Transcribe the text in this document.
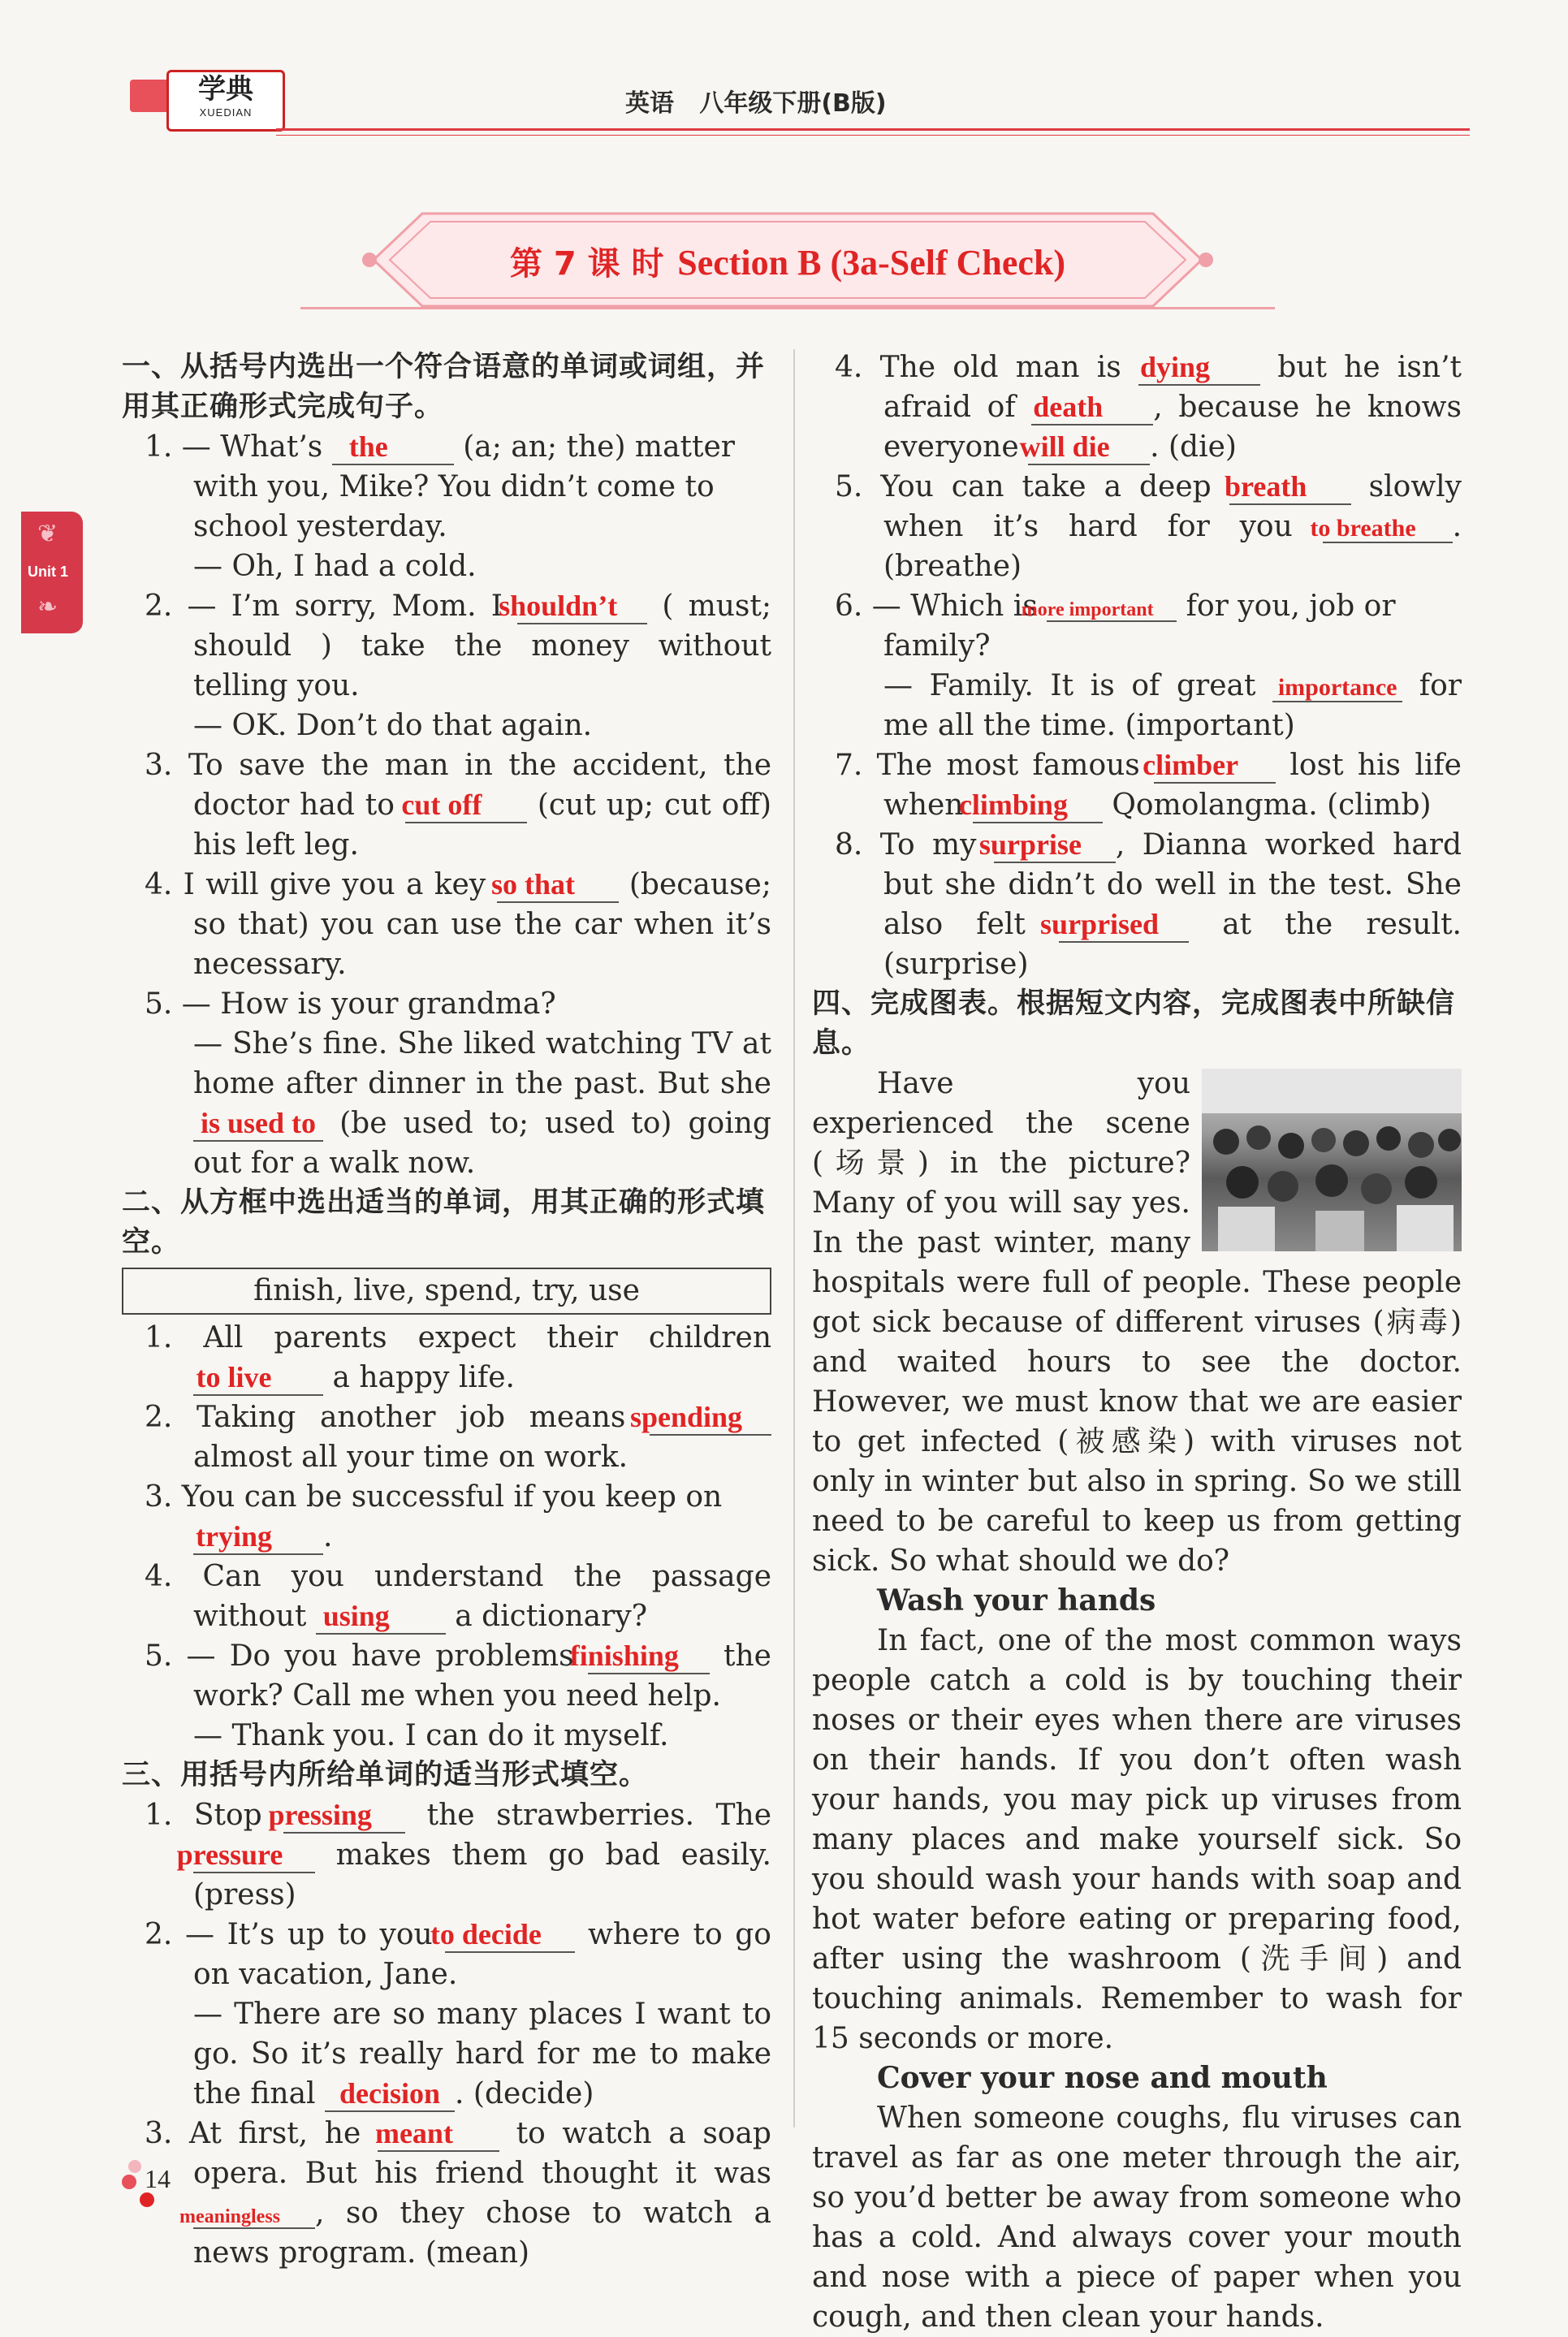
学典
XUEDIAN	英语 八年级下册(B版)
第 7 课 时 Section B (3a-Self Check)
❦
Unit 1
❧

一、从括号内选出一个符合语意的单词或词组，并用其正确形式完成句子。

1. — What’s the	(a; an; the) matter with you, Mike? You didn’t come to school yesterday.

— Oh, I had a cold.

2. — I’m sorry, Mom. I shouldn’t ( must; should ) take the money without telling you.

— OK. Don’t do that again.

3. To save the man in the accident, the doctor had to cut off (cut up; cut off) his left leg.

4. I will give you a key so that (because; so that) you can use the car when it’s necessary.

5. — How is your grandma?

— She’s fine. She liked watching TV at home after dinner in the past. But she is used to (be used to; used to) going out for a walk now.

二、从方框中选出适当的单词，用其正确的形式填空。

finish, live, spend, try, use

1. All parents expect their children to live a happy life.

2. Taking another job means spending almost all your time on work.

3. You can be successful if you keep on trying .

4. Can you understand the passage without using a dictionary?

5. — Do you have problems finishing the work? Call me when you need help.

— Thank you. I can do it myself.

三、用括号内所给单词的适当形式填空。

1. Stop pressing the strawberries. The pressure makes them go bad easily. (press)

2. — It’s up to you to decide where to go on vacation, Jane.

— There are so many places I want to go. So it’s really hard for me to make the final decision . (decide)

3. At first, he meant to watch a soap opera. But his friend thought it was meaningless , so they chose to watch a news program. (mean)

4. The old man is dying but he isn’t afraid of death , because he knows everyone will die . (die)

5. You can take a deep breath slowly when it’s hard for you to breathe . (breathe)

6. — Which is more important for you, job or family?

— Family. It is of great importance for me all the time. (important)

7. The most famous climber lost his life when climbing Qomolangma. (climb)

8. To my surprise , Dianna worked hard but she didn’t do well in the test. She also felt surprised at the result. (surprise)

四、完成图表。根据短文内容，完成图表中所缺信息。

Have you experienced the scene (场景) in the picture? Many of you will say yes. In the past winter, many hospitals were full of people. These people got sick because of different viruses (病毒) and waited hours to see the doctor. However, we must know that we are easier to get infected (被感染) with viruses not only in winter but also in spring. So we still need to be careful to keep us from getting sick. So what should we do?

Wash your hands

In fact, one of the most common ways people catch a cold is by touching their noses or their eyes when there are viruses on their hands. If you don’t often wash your hands, you may pick up viruses from many places and make yourself sick. So you should wash your hands with soap and hot water before eating or preparing food, after using the washroom (洗手间) and touching animals. Remember to wash for 15 seconds or more.

Cover your nose and mouth

When someone coughs, flu viruses can travel as far as one meter through the air, so you’d better be away from someone who has a cold. And always cover your mouth and nose with a piece of paper when you cough, and then clean your hands.

14
